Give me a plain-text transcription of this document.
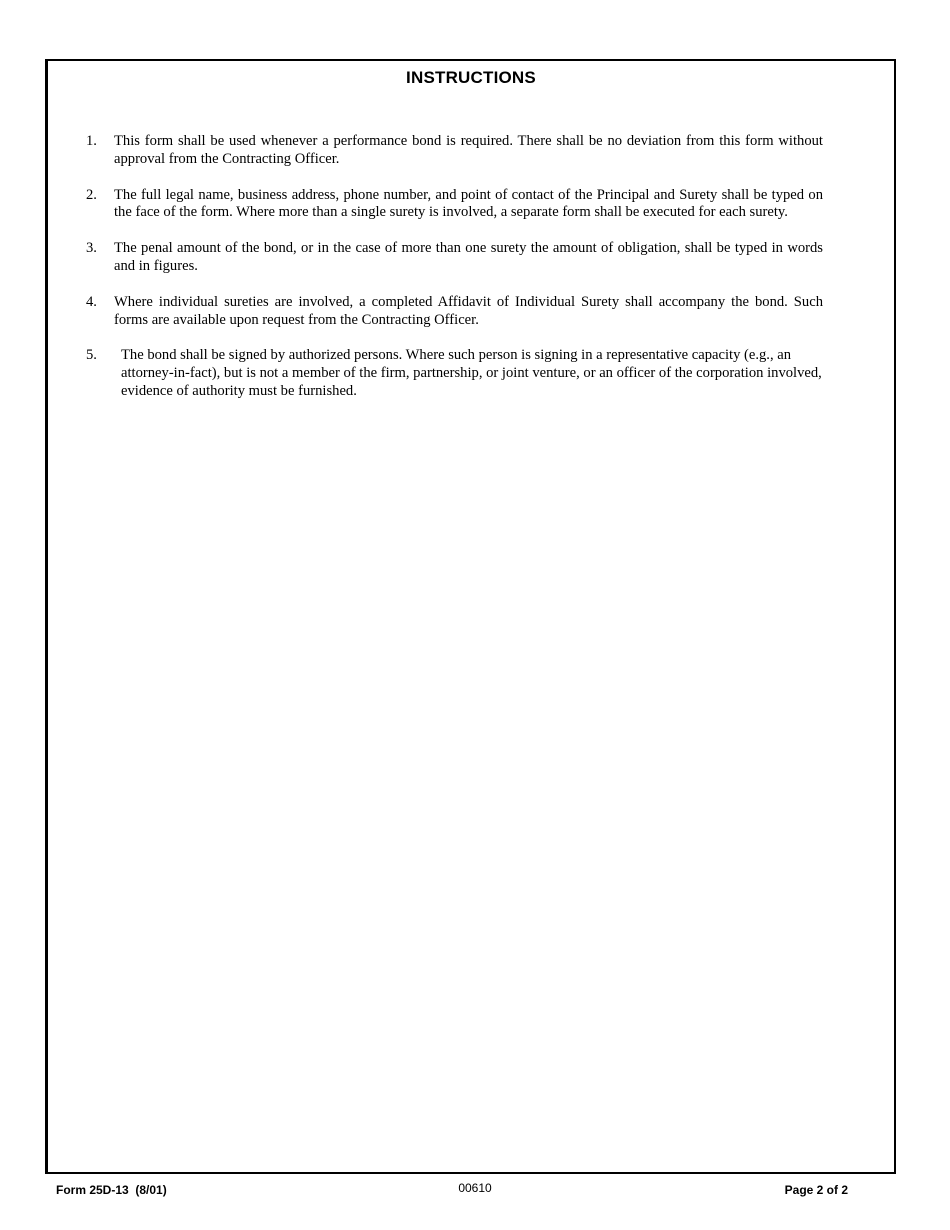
INSTRUCTIONS
1. This form shall be used whenever a performance bond is required. There shall be no deviation from this form without approval from the Contracting Officer.
2. The full legal name, business address, phone number, and point of contact of the Principal and Surety shall be typed on the face of the form. Where more than a single surety is involved, a separate form shall be executed for each surety.
3. The penal amount of the bond, or in the case of more than one surety the amount of obligation, shall be typed in words and in figures.
4. Where individual sureties are involved, a completed Affidavit of Individual Surety shall accompany the bond. Such forms are available upon request from the Contracting Officer.
5. The bond shall be signed by authorized persons. Where such person is signing in a representative capacity (e.g., an attorney-in-fact), but is not a member of the firm, partnership, or joint venture, or an officer of the corporation involved, evidence of authority must be furnished.
Form 25D-13  (8/01)	00610	Page 2 of 2
